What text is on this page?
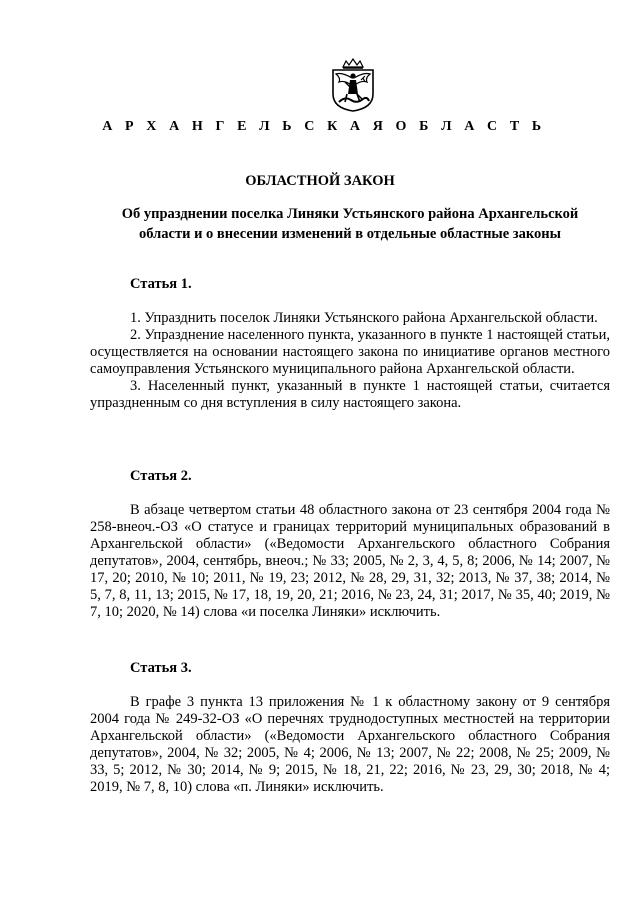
А Р Х А Н Г Е Л Ь С К А Я О Б Л А С Т Ь

ОБЛАСТНОЙ ЗАКОН

Об упразднении поселка Линяки Устьянского района Архангельской области и о внесении изменений в отдельные областные законы

Статья 1.

1. Упразднить поселок Линяки Устьянского района Архангельской области.

2. Упразднение населенного пункта, указанного в пункте 1 настоящей статьи, осуществляется на основании настоящего закона по инициативе органов местного самоуправления Устьянского муниципального района Архангельской области.

3. Населенный пункт, указанный в пункте 1 настоящей статьи, считается упраздненным со дня вступления в силу настоящего закона.

Статья 2.

В абзаце четвертом статьи 48 областного закона от 23 сентября 2004 года № 258-внеоч.-ОЗ «О статусе и границах территорий муниципальных образований в Архангельской области» («Ведомости Архангельского областного Собрания депутатов», 2004, сентябрь, внеоч.; № 33; 2005, № 2, 3, 4, 5, 8; 2006, № 14; 2007, № 17, 20; 2010, № 10; 2011, № 19, 23; 2012, № 28, 29, 31, 32; 2013, № 37, 38; 2014, № 5, 7, 8, 11, 13; 2015, № 17, 18, 19, 20, 21; 2016, № 23, 24, 31; 2017, № 35, 40; 2019, № 7, 10; 2020, № 14) слова «и поселка Линяки» исключить.

Статья 3.

В графе 3 пункта 13 приложения № 1 к областному закону от 9 сентября 2004 года № 249-32-ОЗ «О перечнях труднодоступных местностей на территории Архангельской области» («Ведомости Архангельского областного Собрания депутатов», 2004, № 32; 2005, № 4; 2006, № 13; 2007, № 22; 2008, № 25; 2009, № 33, 5; 2012, № 30; 2014, № 9; 2015, № 18, 21, 22; 2016, № 23, 29, 30; 2018, № 4; 2019, № 7, 8, 10) слова «п. Линяки» исключить.
